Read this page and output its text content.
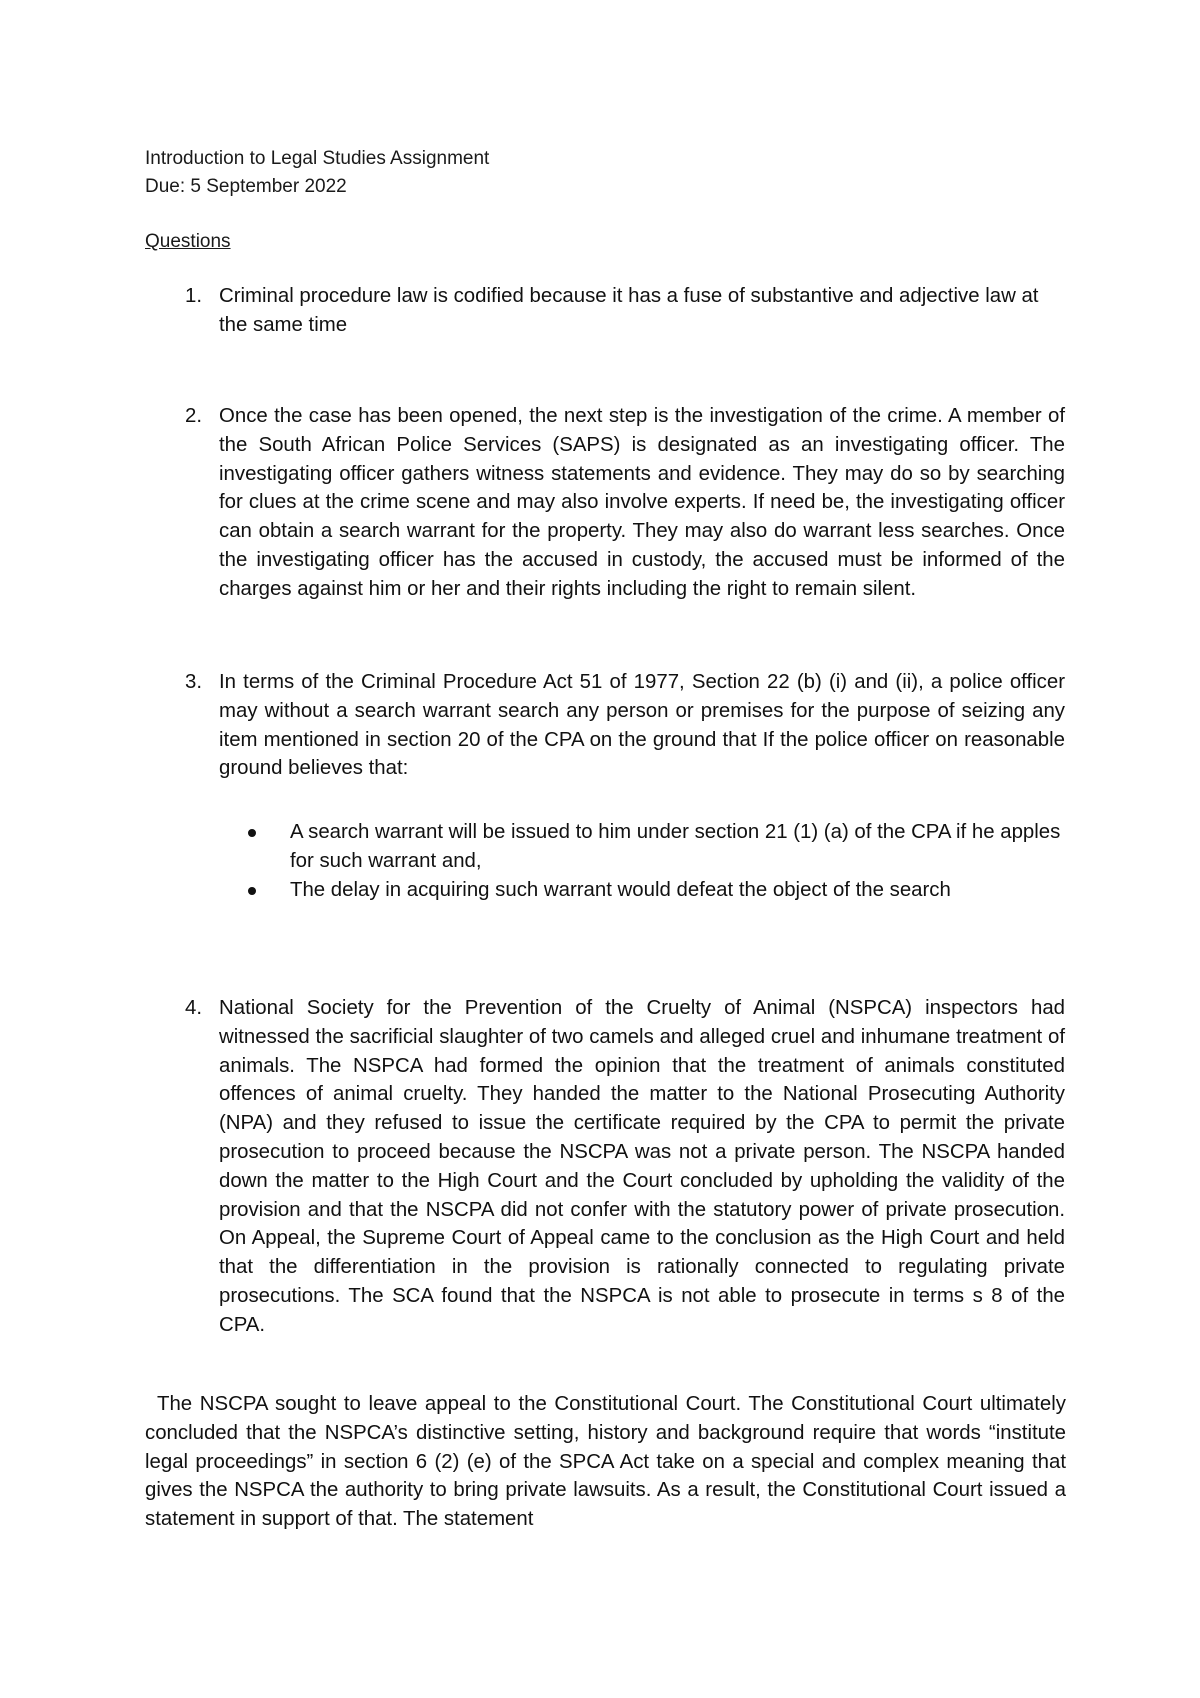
Introduction to Legal Studies Assignment
Due: 5 September 2022
Questions
1. Criminal procedure law is codified because it has a fuse of substantive and adjective law at the same time
2. Once the case has been opened, the next step is the investigation of the crime. A member of the South African Police Services (SAPS) is designated as an investigating officer. The investigating officer gathers witness statements and evidence. They may do so by searching for clues at the crime scene and may also involve experts. If need be, the investigating officer can obtain a search warrant for the property. They may also do warrant less searches. Once the investigating officer has the accused in custody, the accused must be informed of the charges against him or her and their rights including the right to remain silent.
3. In terms of the Criminal Procedure Act 51 of 1977, Section 22 (b) (i) and (ii), a police officer may without a search warrant search any person or premises for the purpose of seizing any item mentioned in section 20 of the CPA on the ground that If the police officer on reasonable ground believes that:
A search warrant will be issued to him under section 21 (1) (a) of the CPA if he apples for such warrant and,
The delay in acquiring such warrant would defeat the object of the search
4. National Society for the Prevention of the Cruelty of Animal (NSPCA) inspectors had witnessed the sacrificial slaughter of two camels and alleged cruel and inhumane treatment of animals. The NSPCA had formed the opinion that the treatment of animals constituted offences of animal cruelty. They handed the matter to the National Prosecuting Authority (NPA) and they refused to issue the certificate required by the CPA to permit the private prosecution to proceed because the NSCPA was not a private person. The NSCPA handed down the matter to the High Court and the Court concluded by upholding the validity of the provision and that the NSCPA did not confer with the statutory power of private prosecution. On Appeal, the Supreme Court of Appeal came to the conclusion as the High Court and held that the differentiation in the provision is rationally connected to regulating private prosecutions. The SCA found that the NSPCA is not able to prosecute in terms s 8 of the CPA.
The NSCPA sought to leave appeal to the Constitutional Court. The Constitutional Court ultimately concluded that the NSPCA’s distinctive setting, history and background require that words “institute legal proceedings” in section 6 (2) (e) of the SPCA Act take on a special and complex meaning that gives the NSPCA the authority to bring private lawsuits. As a result, the Constitutional Court issued a statement in support of that. The statement
